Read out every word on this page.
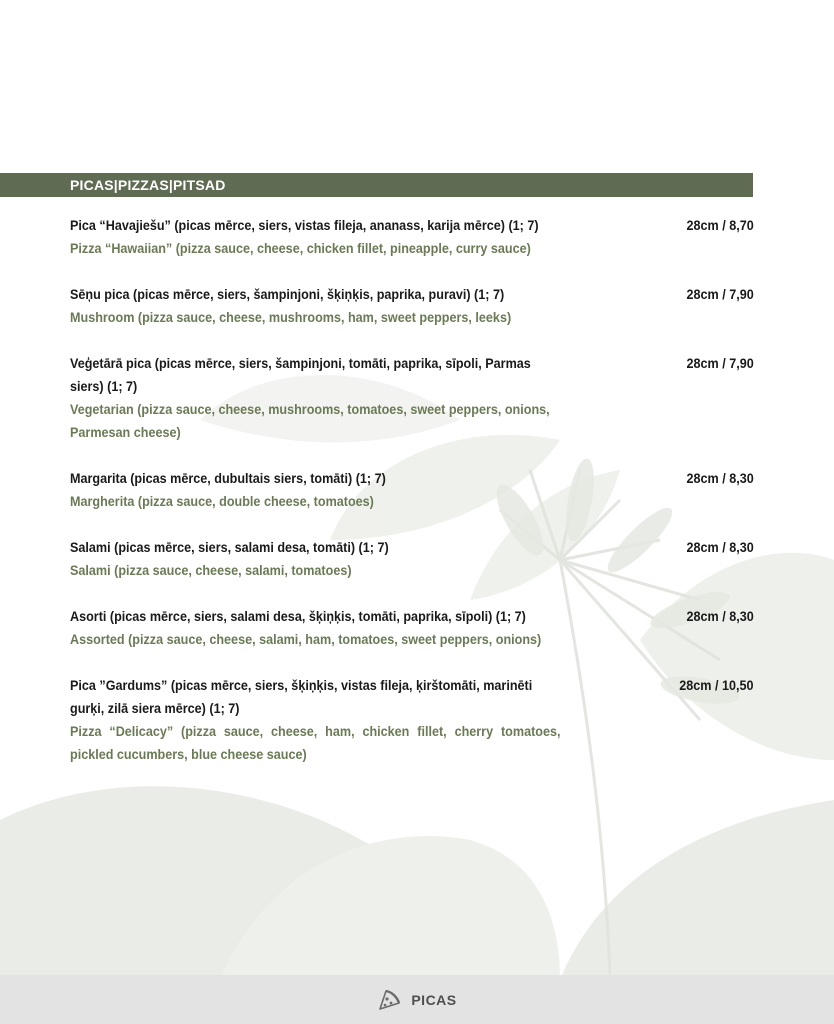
PICAS|PIZZAS|PITSAD
Pica “Havajiešu” (picas mērce, siers, vistas fileja, ananass, karija mērce) (1; 7)
Pizza “Hawaiian” (pizza sauce, cheese, chicken fillet, pineapple, curry sauce)
28cm / 8,70
Sēņu pica (picas mērce, siers, šampinjoni, šķiņķis, paprika, puravi) (1; 7)
Mushroom (pizza sauce, cheese, mushrooms, ham, sweet peppers, leeks)
28cm / 7,90
Veģetārā pica (picas mērce, siers, šampinjoni, tomāti, paprika, sīpoli, Parmas siers) (1; 7)
Vegetarian (pizza sauce, cheese, mushrooms, tomatoes, sweet peppers, onions, Parmesan cheese)
28cm / 7,90
Margarita (picas mērce, dubultais siers, tomāti) (1; 7)
Margherita (pizza sauce, double cheese, tomatoes)
28cm / 8,30
Salami (picas mērce, siers, salami desa, tomāti) (1; 7)
Salami (pizza sauce, cheese, salami, tomatoes)
28cm / 8,30
Asorti (picas mērce, siers, salami desa, šķiņķis, tomāti, paprika, sīpoli) (1; 7)
Assorted (pizza sauce, cheese, salami, ham, tomatoes, sweet peppers, onions)
28cm / 8,30
Pica ”Gardums” (picas mērce, siers, šķiņķis, vistas fileja, ķirštomāti, marinēti gurķi, zilā siera mērce) (1; 7)
Pizza “Delicacy” (pizza sauce, cheese, ham, chicken fillet, cherry tomatoes, pickled cucumbers, blue cheese sauce)
28cm / 10,50
PICAS
